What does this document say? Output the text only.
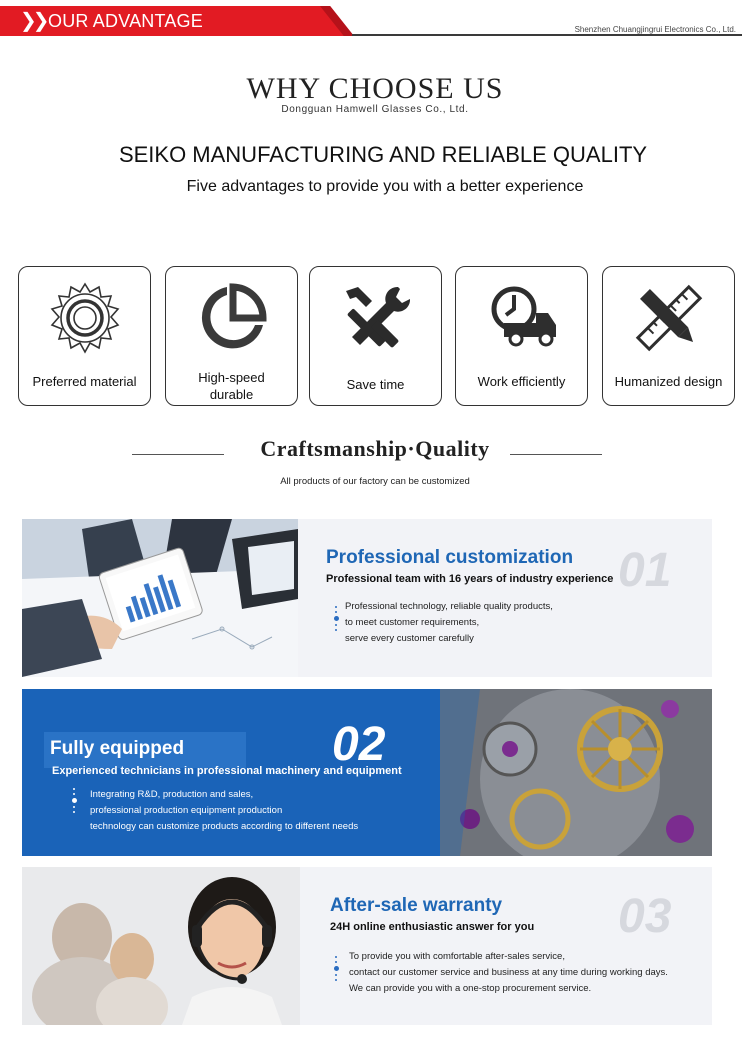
❯❯ OUR ADVANTAGE	Shenzhen Chuangjingrui Electronics Co., Ltd.
WHY CHOOSE US
Dongguan Hamwell Glasses Co., Ltd.
SEIKO MANUFACTURING AND RELIABLE QUALITY
Five advantages to provide you with a better experience
Preferred material	High-speed
durable
Save time	Work efficiently	Humanized design
Craftsmanship·Quality
All products of our factory can be customized
Professional customization
Professional team with 16 years of industry experience 01
Professional technology, reliable quality products,
to meet customer requirements,
serve every customer carefully
Fully equipped	02
Experienced technicians in professional machinery and equipment
Integrating R&D, production and sales,
professional production equipment production
technology can customize products according to different needs
After-sale warranty
24H online enthusiastic answer for you 03
To provide you with comfortable after-sales service,
contact our customer service and business at any time during working days.
We can provide you with a one-stop procurement service.
